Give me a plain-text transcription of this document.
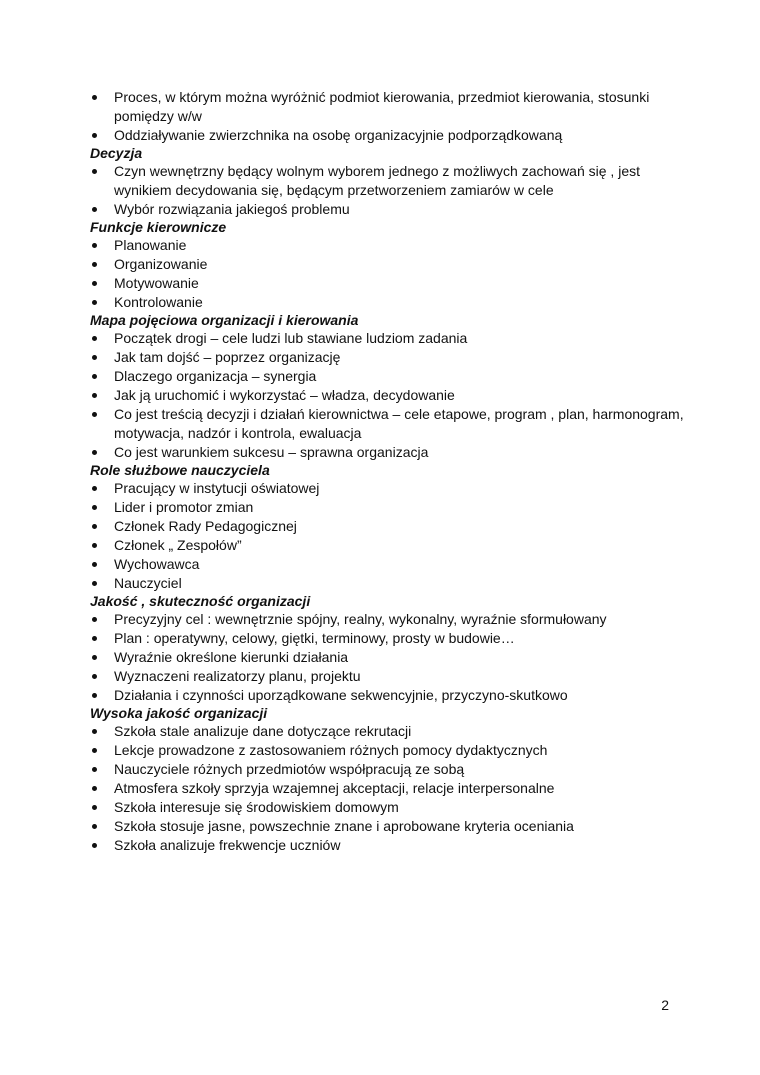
Proces, w którym można wyróżnić podmiot kierowania, przedmiot kierowania, stosunki pomiędzy w/w
Oddziaływanie zwierzchnika na osobę organizacyjnie podporządkowaną

Decyzja

Czyn wewnętrzny będący wolnym wyborem jednego z możliwych zachowań się , jest wynikiem decydowania się, będącym przetworzeniem zamiarów w cele
Wybór rozwiązania jakiegoś problemu

Funkcje kierownicze

Planowanie
Organizowanie
Motywowanie
Kontrolowanie

Mapa pojęciowa organizacji i kierowania

Początek drogi – cele ludzi lub stawiane ludziom zadania
Jak tam dojść – poprzez organizację
Dlaczego organizacja – synergia
Jak ją uruchomić i wykorzystać – władza, decydowanie
Co jest treścią decyzji i działań kierownictwa – cele etapowe, program , plan, harmonogram, motywacja, nadzór i kontrola, ewaluacja
Co jest warunkiem sukcesu – sprawna organizacja

Role służbowe nauczyciela

Pracujący w instytucji oświatowej
Lider i promotor zmian
Członek Rady Pedagogicznej
Członek „ Zespołów”
Wychowawca
Nauczyciel

Jakość , skuteczność organizacji

Precyzyjny cel : wewnętrznie spójny, realny, wykonalny, wyraźnie sformułowany
Plan : operatywny, celowy, giętki, terminowy, prosty w budowie…
Wyraźnie określone kierunki działania
Wyznaczeni realizatorzy planu, projektu
Działania i czynności uporządkowane sekwencyjnie, przyczyno-skutkowo

Wysoka jakość organizacji

Szkoła stale analizuje dane dotyczące rekrutacji
Lekcje prowadzone z zastosowaniem różnych pomocy dydaktycznych
Nauczyciele różnych przedmiotów współpracują ze sobą
Atmosfera szkoły sprzyja wzajemnej akceptacji, relacje interpersonalne
Szkoła interesuje się środowiskiem domowym
Szkoła stosuje jasne, powszechnie znane i aprobowane kryteria oceniania
Szkoła analizuje frekwencje uczniów
2
